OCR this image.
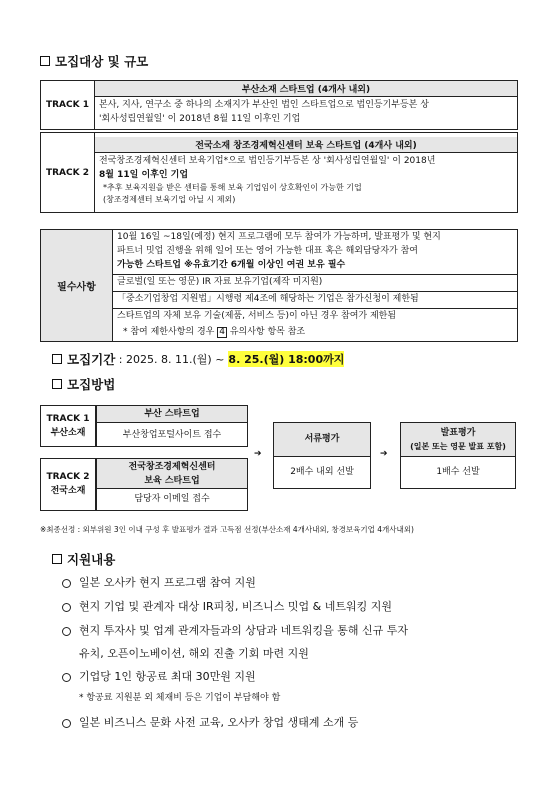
모집대상 및 규모
TRACK 1	
부산소재 스타트업 (4개사 내외)
본사, 지사, 연구소 중 하나의 소재지가 부산인 법인 스타트업으로 법인등기부등본 상
'회사성립연월일' 이 2018년 8월 11일 이후인 기업
TRACK 2	
전국소재 창조경제혁신센터 보육 스타트업 (4개사 내외)
전국창조경제혁신센터 보육기업*으로 법인등기부등본 상 '회사성립연월일' 이 2018년
8월 11일 이후인 기업
*추후 보육지원을 받은 센터를 통해 보육 기업임이 상호확인이 가능한 기업
(창조경제센터 보육기업 아닐 시 제외)
필수사항	
10월 16일 ~18일(예정) 현지 프로그램에 모두 참여가 가능하며, 발표평가 및 현지
파트너 밋업 진행을 위해 일어 또는 영어 가능한 대표 혹은 해외담당자가 참여
가능한 스타트업 ※유효기간 6개월 이상인 여권 보유 필수

글로벌(일 또는 영문) IR 자료 보유기업(제작 미지원)
「중소기업창업 지원법」시행령 제4조에 해당하는 기업은 참가신청이 제한됨
스타트업의 자체 보유 기술(제품, 서비스 등)이 아닌 경우 참여가 제한됨
* 참여 제한사항의 경우 4 유의사항 항목 참조
모집기간 : 2025. 8. 11.(월) ~ 8. 25.(월) 18:00까지
모집방법
TRACK 1
부산소재
부산 스타트업
부산창업포털사이트 접수
TRACK 2
전국소재
전국창조경제혁신센터
보육 스타트업
담당자 이메일 접수
➔
서류평가
2배수 내외 선발
➔
발표평가
(일본 또는 영문 발표 포함)
1배수 선발
※최종선정 : 외부위원 3인 이내 구성 후 발표평가 결과 고득점 선정(부산소재 4개사내외, 창경보육기업 4개사내외)
지원내용
일본 오사카 현지 프로그램 참여 지원
현지 기업 및 관계자 대상 IR피칭, 비즈니스 밋업 & 네트워킹 지원
현지 투자사 및 업계 관계자들과의 상담과 네트워킹을 통해 신규 투자
유치, 오픈이노베이션, 해외 진출 기회 마련 지원
기업당 1인 항공료 최대 30만원 지원
* 항공료 지원분 외 체재비 등은 기업이 부담해야 함
일본 비즈니스 문화 사전 교육, 오사카 창업 생태계 소개 등
